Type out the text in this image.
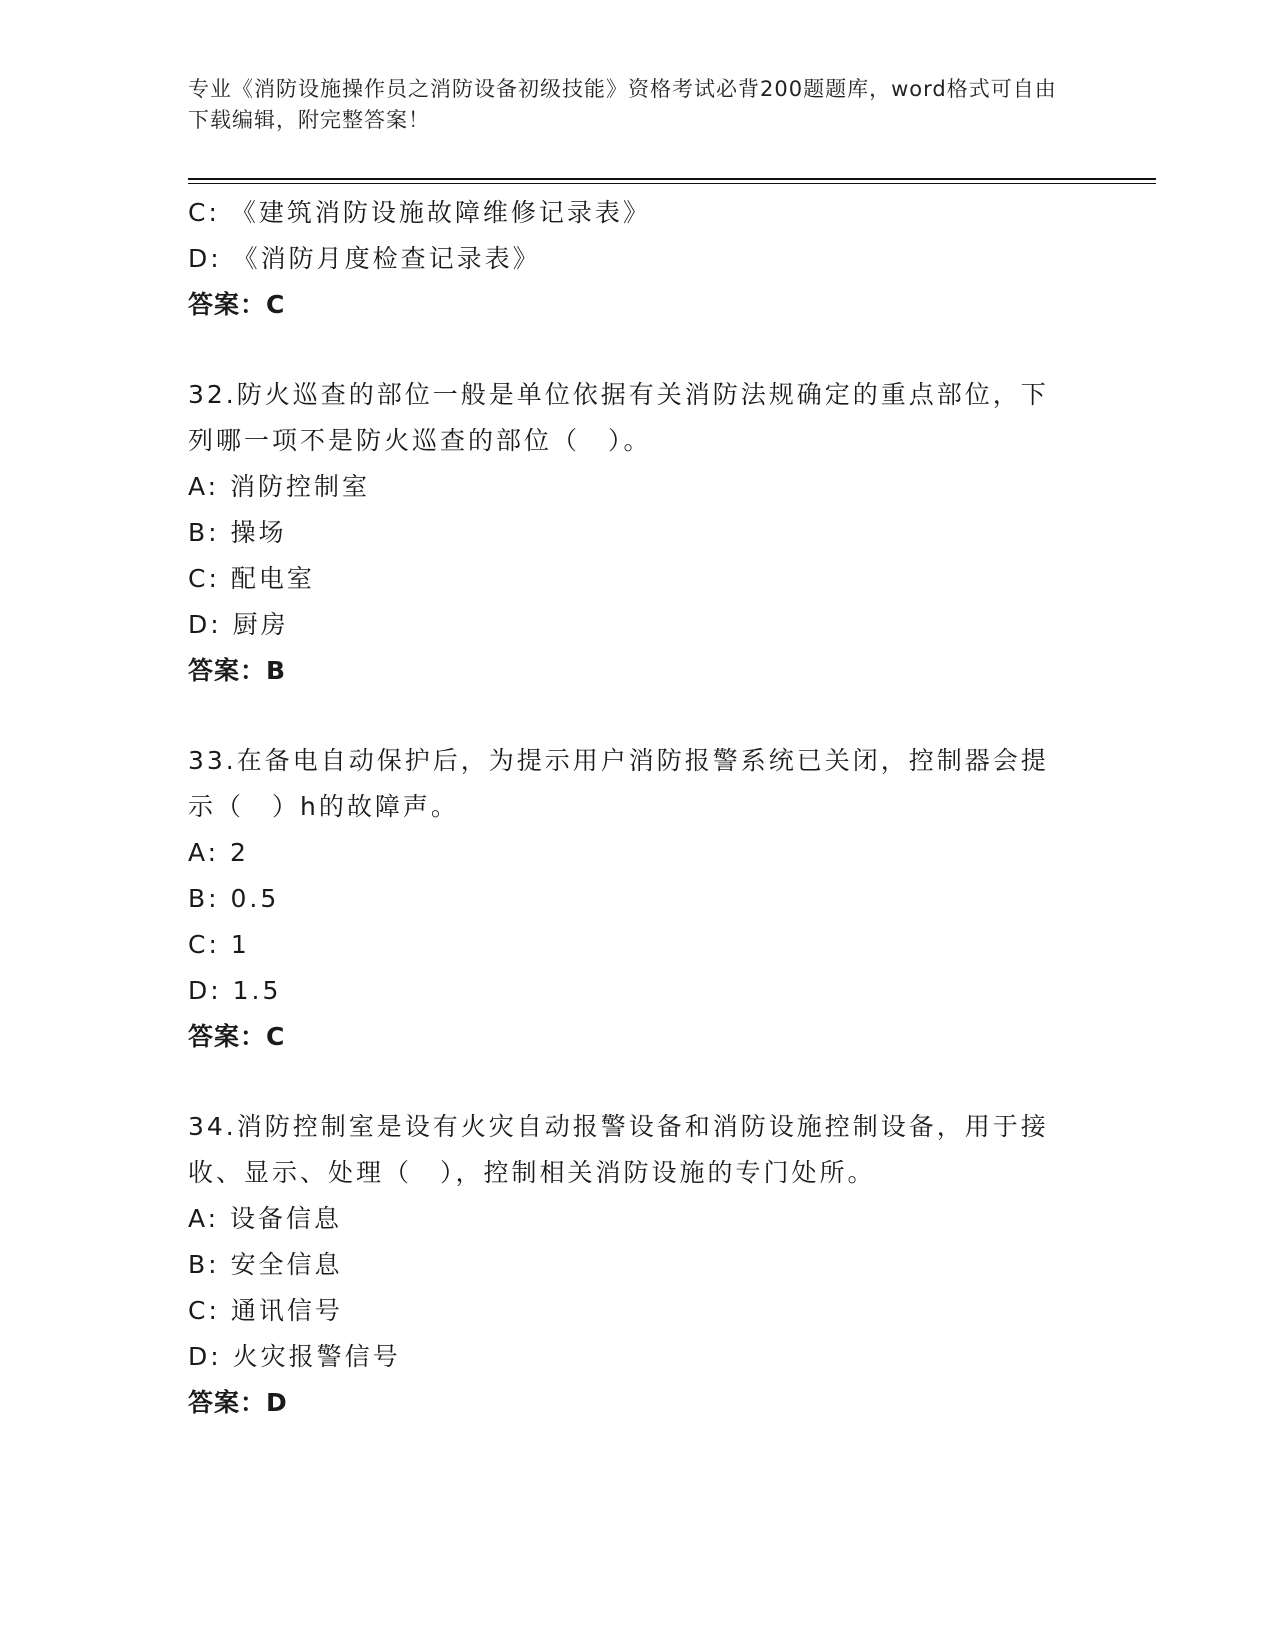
专业《消防设施操作员之消防设备初级技能》资格考试必背200题题库，word格式可自由下载编辑，附完整答案！
C: 《建筑消防设施故障维修记录表》
D: 《消防月度检查记录表》
答案：C
32.防火巡查的部位一般是单位依据有关消防法规确定的重点部位，下
列哪一项不是防火巡查的部位（　）。
A: 消防控制室
B: 操场
C: 配电室
D: 厨房
答案：B
33.在备电自动保护后，为提示用户消防报警系统已关闭，控制器会提
示（　）h的故障声。
A: 2
B: 0.5
C: 1
D: 1.5
答案：C
34.消防控制室是设有火灾自动报警设备和消防设施控制设备，用于接
收、显示、处理（　），控制相关消防设施的专门处所。
A: 设备信息
B: 安全信息
C: 通讯信号
D: 火灾报警信号
答案：D
